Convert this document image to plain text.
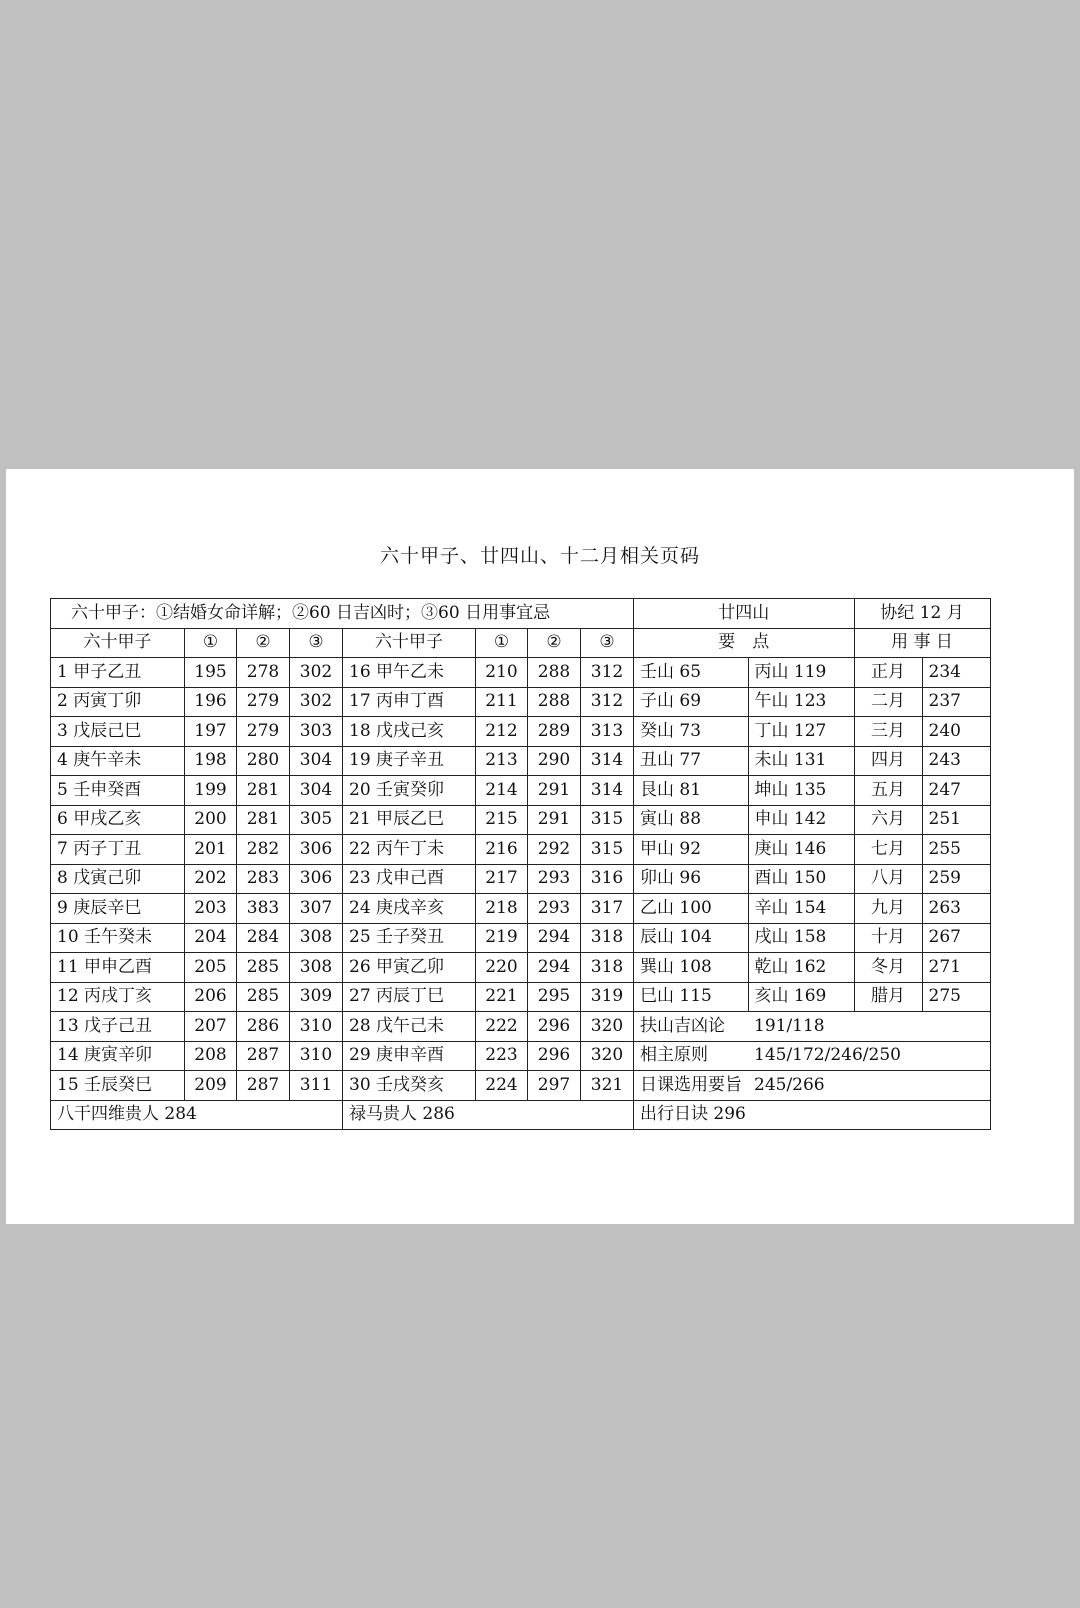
六十甲子、廿四山、十二月相关页码
六十甲子：①结婚女命详解；②60 日吉凶时；③60 日用事宜忌								廿四山		协纪 12 月	
六十甲子	①	②	③	六十甲子	①	②	③	要　点		用 事 日	
1 甲子乙丑	195	278	302	16 甲午乙未	210	288	312	壬山 65	丙山 119	正月	234
2 丙寅丁卯	196	279	302	17 丙申丁酉	211	288	312	子山 69	午山 123	二月	237
3 戊辰己巳	197	279	303	18 戊戌己亥	212	289	313	癸山 73	丁山 127	三月	240
4 庚午辛未	198	280	304	19 庚子辛丑	213	290	314	丑山 77	未山 131	四月	243
5 壬申癸酉	199	281	304	20 壬寅癸卯	214	291	314	艮山 81	坤山 135	五月	247
6 甲戌乙亥	200	281	305	21 甲辰乙巳	215	291	315	寅山 88	申山 142	六月	251
7 丙子丁丑	201	282	306	22 丙午丁未	216	292	315	甲山 92	庚山 146	七月	255
8 戊寅己卯	202	283	306	23 戊申己酉	217	293	316	卯山 96	酉山 150	八月	259
9 庚辰辛巳	203	383	307	24 庚戌辛亥	218	293	317	乙山 100	辛山 154	九月	263
10 壬午癸未	204	284	308	25 壬子癸丑	219	294	318	辰山 104	戌山 158	十月	267
11 甲申乙酉	205	285	308	26 甲寅乙卯	220	294	318	巽山 108	乾山 162	冬月	271
12 丙戌丁亥	206	285	309	27 丙辰丁巳	221	295	319	巳山 115	亥山 169	腊月	275
13 戊子己丑	207	286	310	28 戊午己未	222	296	320	扶山吉凶论	191/118		
14 庚寅辛卯	208	287	310	29 庚申辛酉	223	296	320	相主原则	145/172/246/250		
15 壬辰癸巳	209	287	311	30 壬戌癸亥	224	297	321	日课选用要旨	245/266		
八干四维贵人 284				禄马贵人 286				出行日诀 296			
